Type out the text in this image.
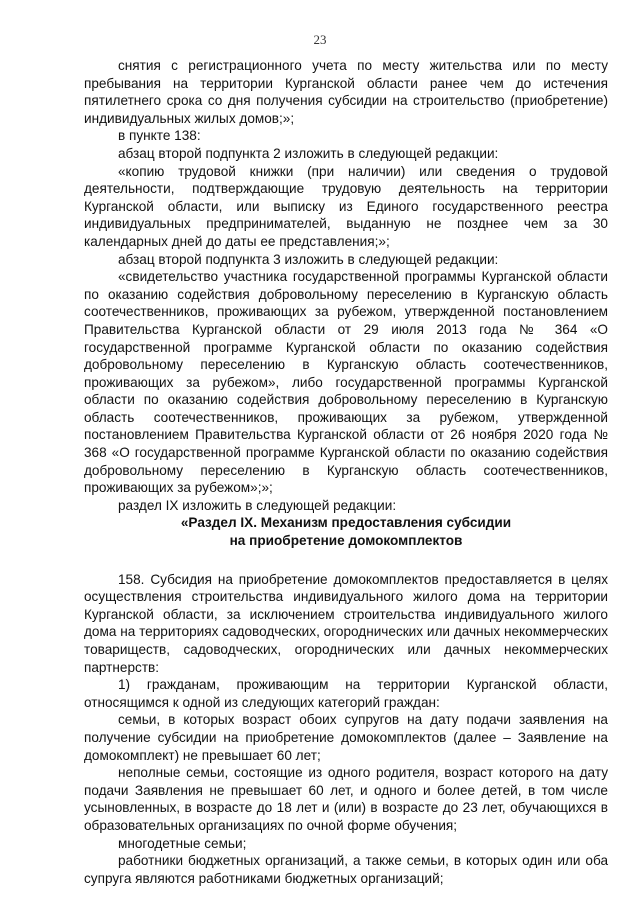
23

снятия с регистрационного учета по месту жительства или по месту пребывания на территории Курганской области ранее чем до истечения пятилетнего срока со дня получения субсидии на строительство (приобретение) индивидуальных жилых домов;»;

в пункте 138:

абзац второй подпункта 2 изложить в следующей редакции:

«копию трудовой книжки (при наличии) или сведения о трудовой деятельности, подтверждающие трудовую деятельность на территории Курганской области, или выписку из Единого государственного реестра индивидуальных предпринимателей, выданную не позднее чем за 30 календарных дней до даты ее представления;»;

абзац второй подпункта 3 изложить в следующей редакции:

«свидетельство участника государственной программы Курганской области по оказанию содействия добровольному переселению в Курганскую область соотечественников, проживающих за рубежом, утвержденной постановлением Правительства Курганской области от 29 июля 2013 года № 364 «О государственной программе Курганской области по оказанию содействия добровольному переселению в Курганскую область соотечественников, проживающих за рубежом», либо государственной программы Курганской области по оказанию содействия добровольному переселению в Курганскую область соотечественников, проживающих за рубежом, утвержденной постановлением Правительства Курганской области от 26 ноября 2020 года № 368 «О государственной программе Курганской области по оказанию содействия добровольному переселению в Курганскую область соотечественников, проживающих за рубежом»;»;

раздел IX изложить в следующей редакции:

«Раздел IX. Механизм предоставления субсидии
на приобретение домокомплектов

158. Субсидия на приобретение домокомплектов предоставляется в целях осуществления строительства индивидуального жилого дома на территории Курганской области, за исключением строительства индивидуального жилого дома на территориях садоводческих, огороднических или дачных некоммерческих товариществ, садоводческих, огороднических или дачных некоммерческих партнерств:

1) гражданам, проживающим на территории Курганской области, относящимся к одной из следующих категорий граждан:

семьи, в которых возраст обоих супругов на дату подачи заявления на получение субсидии на приобретение домокомплектов (далее – Заявление на домокомплект) не превышает 60 лет;

неполные семьи, состоящие из одного родителя, возраст которого на дату подачи Заявления не превышает 60 лет, и одного и более детей, в том числе усыновленных, в возрасте до 18 лет и (или) в возрасте до 23 лет, обучающихся в образовательных организациях по очной форме обучения;

многодетные семьи;

работники бюджетных организаций, а также семьи, в которых один или оба супруга являются работниками бюджетных организаций;
